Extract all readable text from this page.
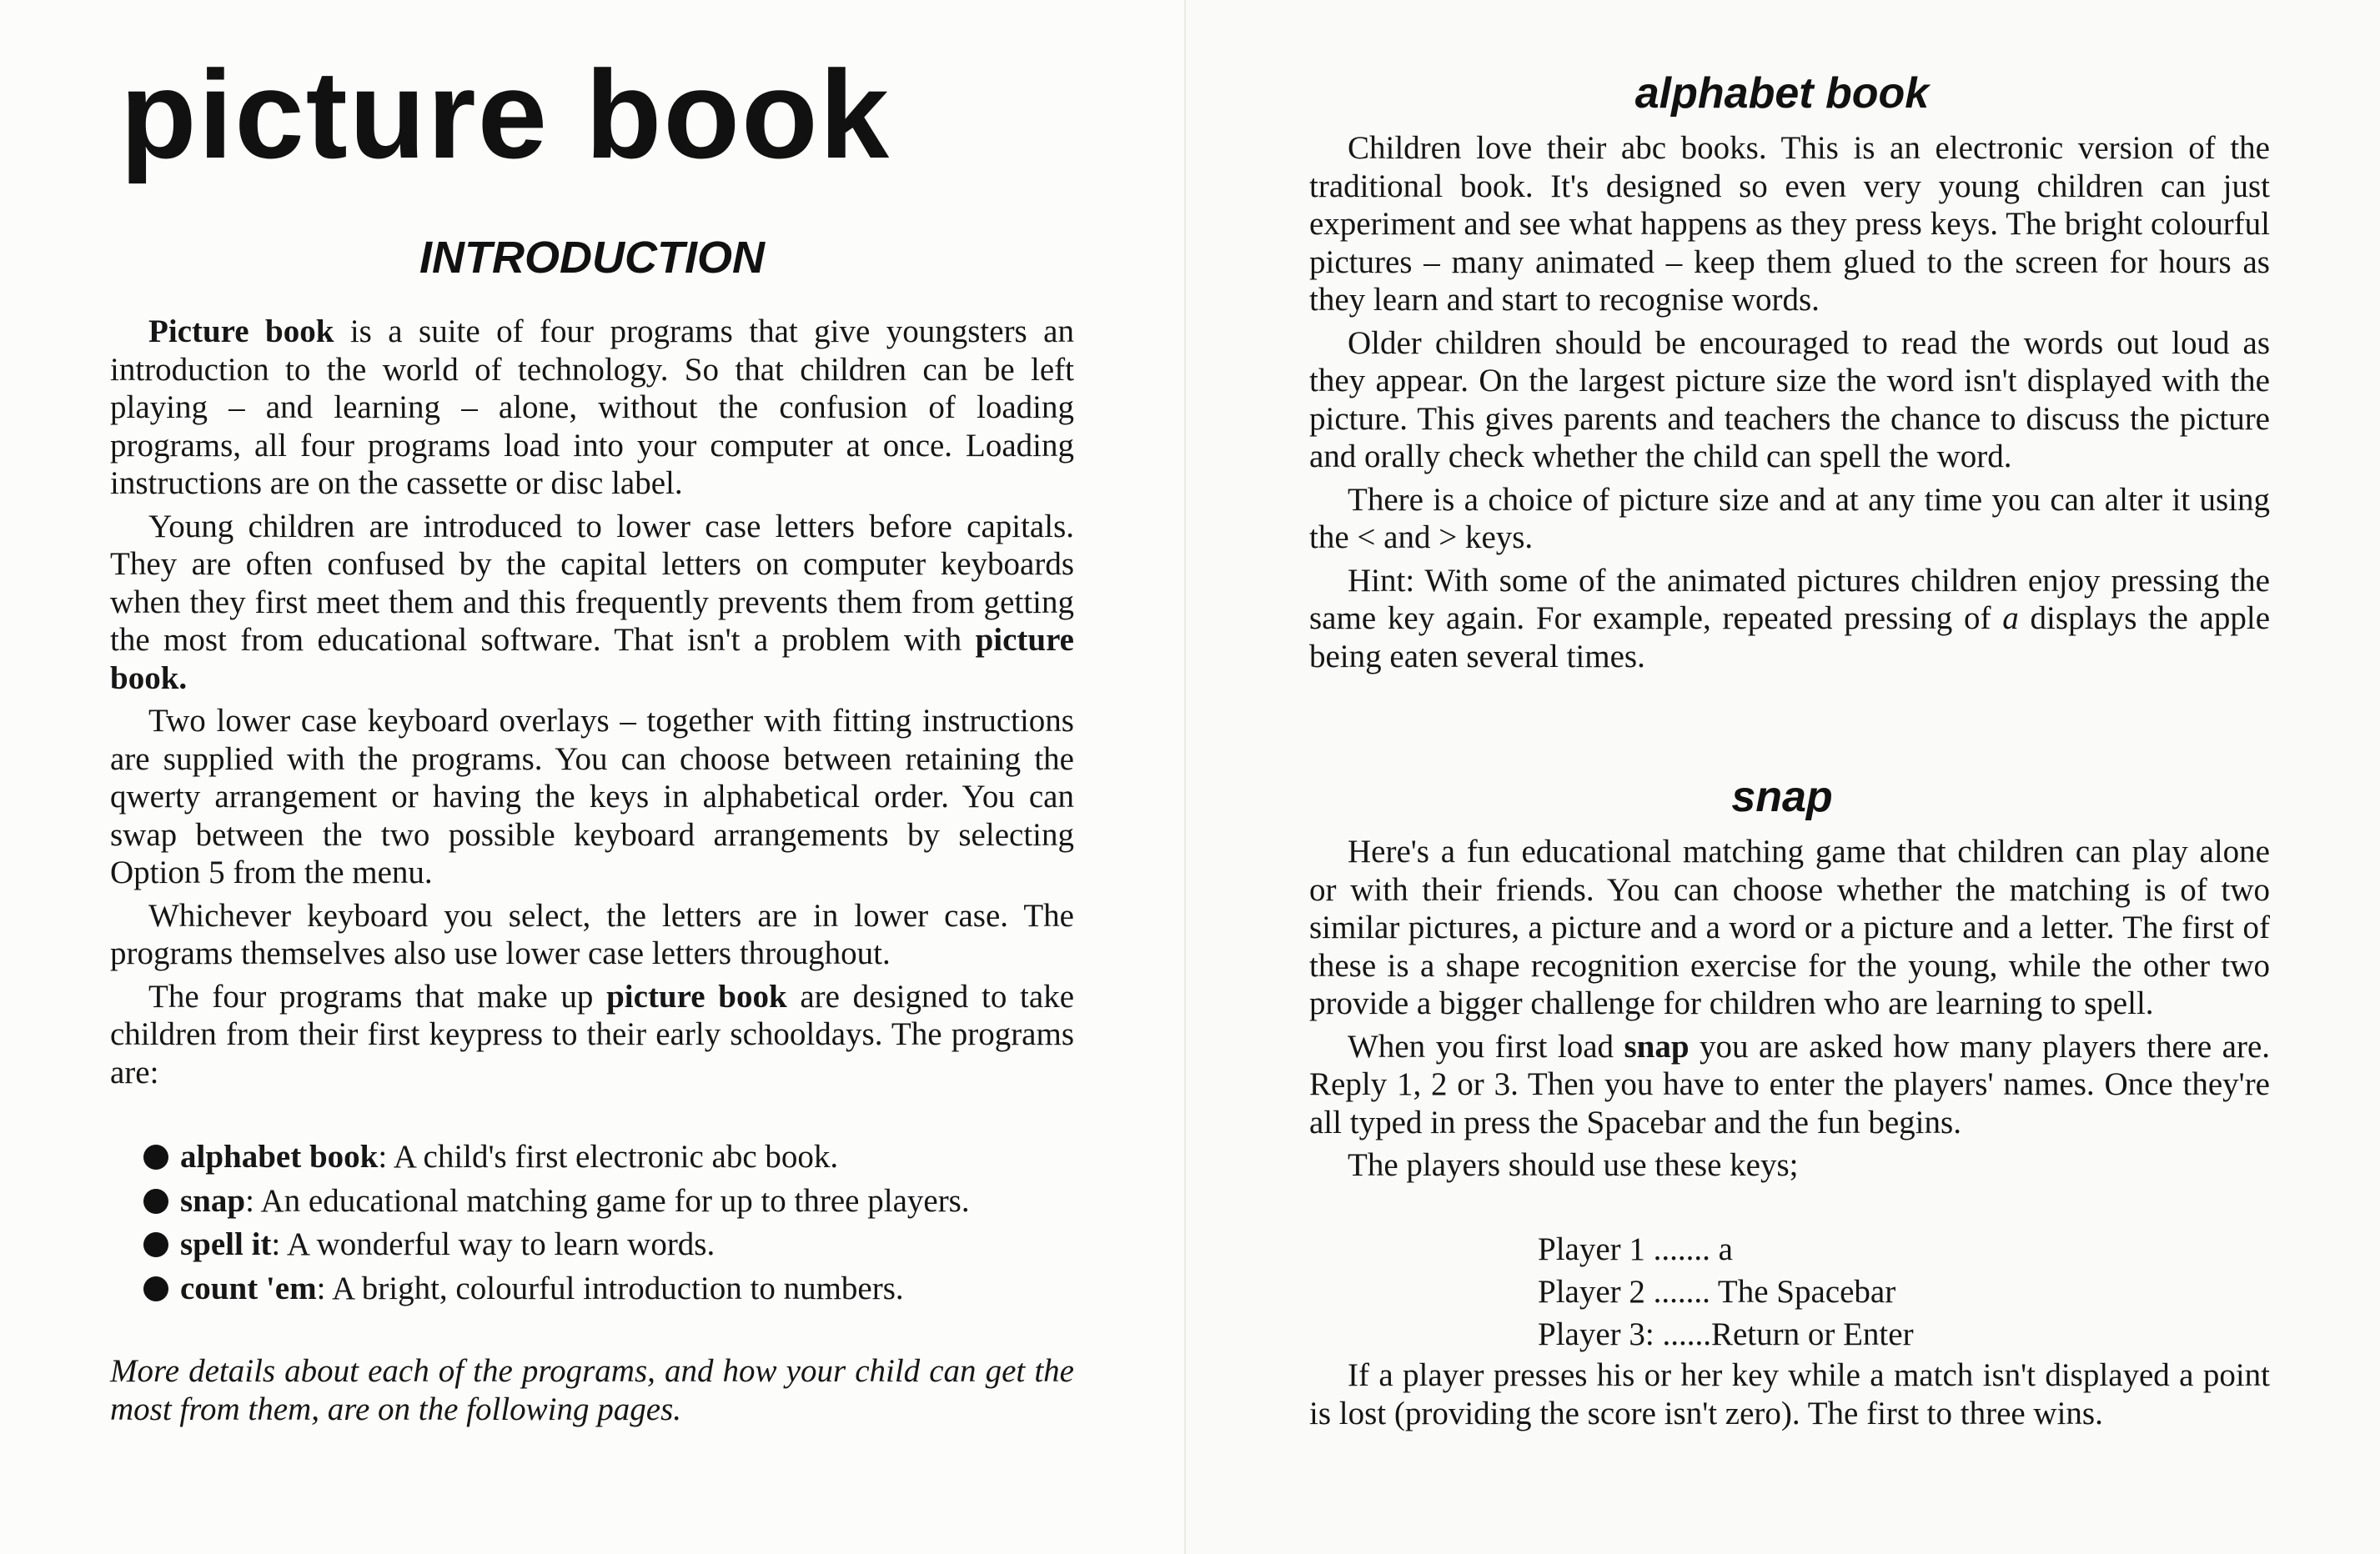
picture book
INTRODUCTION

Picture book is a suite of four programs that give youngsters an introduction to the world of technology. So that children can be left playing – and learning – alone, without the confusion of loading programs, all four programs load into your computer at once. Loading instructions are on the cassette or disc label.

Young children are introduced to lower case letters before capitals. They are often confused by the capital letters on computer keyboards when they first meet them and this frequently prevents them from getting the most from educational software. That isn't a problem with picture book.

Two lower case keyboard overlays – together with fitting instructions are supplied with the programs. You can choose between retaining the qwerty arrangement or having the keys in alphabetical order. You can swap between the two possible keyboard arrangements by selecting Option 5 from the menu.

Whichever keyboard you select, the letters are in lower case. The programs themselves also use lower case letters throughout.

The four programs that make up picture book are designed to take children from their first keypress to their early schooldays. The programs are:

alphabet book: A child's first electronic abc book.
snap: An educational matching game for up to three players.
spell it: A wonderful way to learn words.
count 'em: A bright, colourful introduction to numbers.

More details about each of the programs, and how your child can get the most from them, are on the following pages.

alphabet book

Children love their abc books. This is an electronic version of the traditional book. It's designed so even very young children can just experiment and see what happens as they press keys. The bright colourful pictures – many animated – keep them glued to the screen for hours as they learn and start to recognise words.

Older children should be encouraged to read the words out loud as they appear. On the largest picture size the word isn't displayed with the picture. This gives parents and teachers the chance to discuss the picture and orally check whether the child can spell the word.

There is a choice of picture size and at any time you can alter it using the < and > keys.

Hint: With some of the animated pictures children enjoy pressing the same key again. For example, repeated pressing of a displays the apple being eaten several times.

snap

Here's a fun educational matching game that children can play alone or with their friends. You can choose whether the matching is of two similar pictures, a picture and a word or a picture and a letter. The first of these is a shape recognition exercise for the young, while the other two provide a bigger challenge for children who are learning to spell.

When you first load snap you are asked how many players there are. Reply 1, 2 or 3. Then you have to enter the players' names. Once they're all typed in press the Spacebar and the fun begins.

The players should use these keys;

Player 1 ....... a
Player 2 ....... The Spacebar
Player 3: ......Return or Enter

If a player presses his or her key while a match isn't displayed a point is lost (providing the score isn't zero). The first to three wins.
